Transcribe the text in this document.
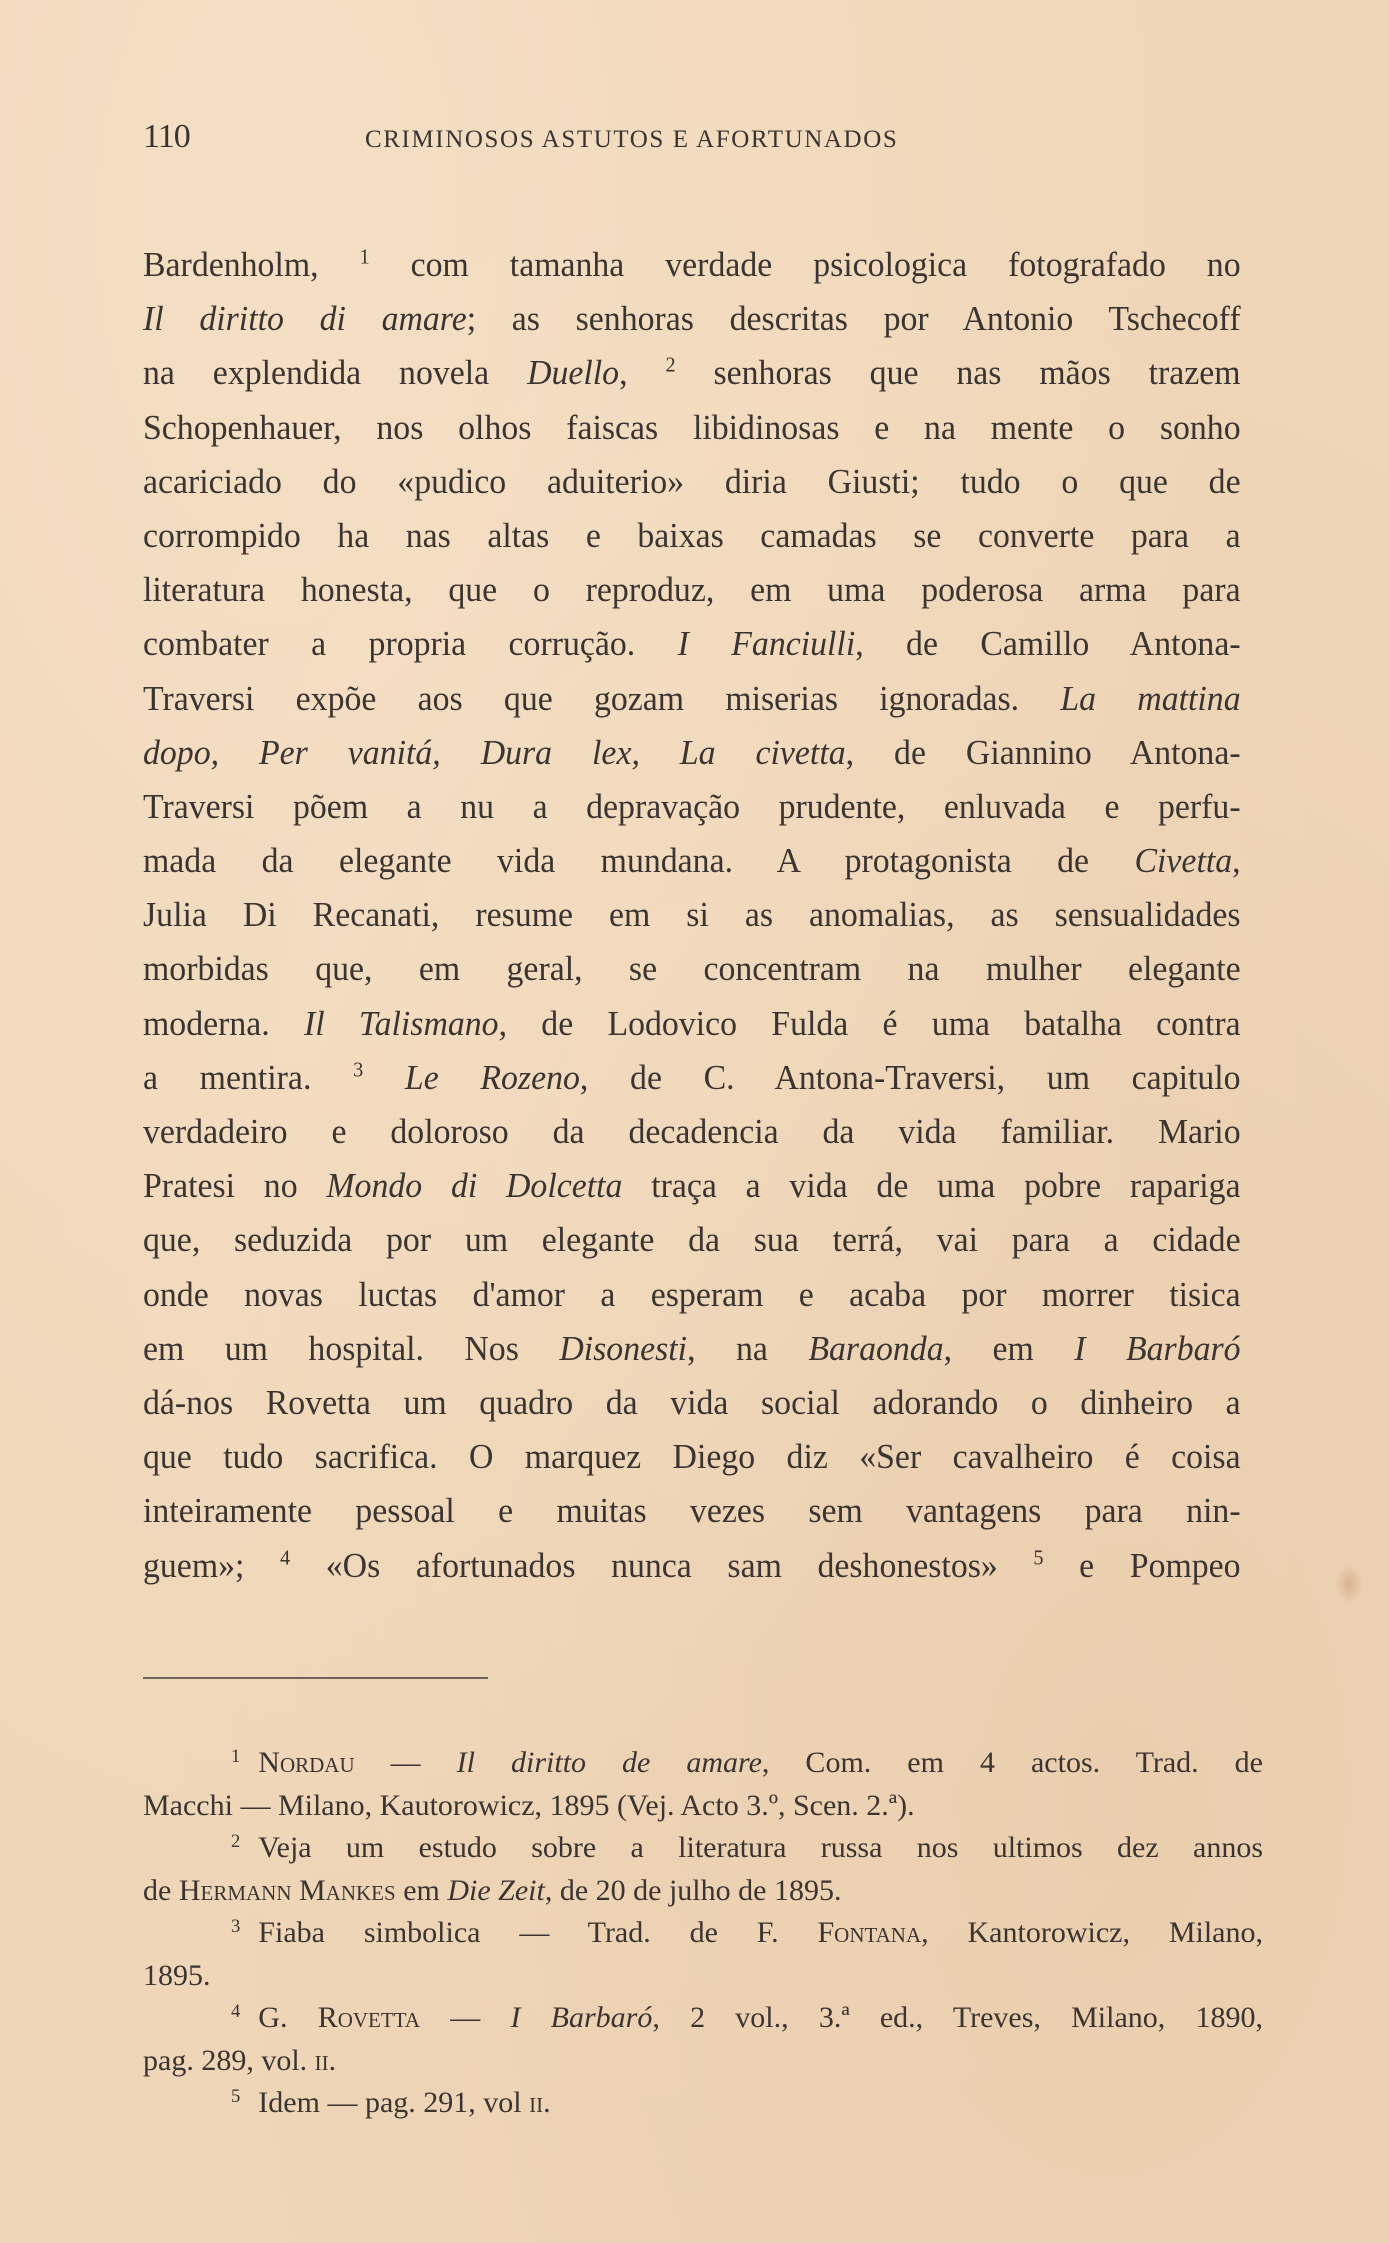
110	CRIMINOSOS ASTUTOS E AFORTUNADOS
Bardenholm, $^1$ com tamanha verdade psicologica fotografado no
Il diritto di amare; as senhoras descritas por Antonio Tschecoff
na explendida novela Duello, $^2$ senhoras que nas mãos trazem
Schopenhauer, nos olhos faiscas libidinosas e na mente o sonho
acariciado do «pudico aduiterio» diria Giusti; tudo o que de
corrompido ha nas altas e baixas camadas se converte para a
literatura honesta, que o reproduz, em uma poderosa arma para
combater a propria corrução. I Fanciulli, de Camillo Antona-
Traversi expõe aos que gozam miserias ignoradas. La mattina
dopo, Per vanitá, Dura lex, La civetta, de Giannino Antona-
Traversi põem a nu a depravação prudente, enluvada e perfu-
mada da elegante vida mundana. A protagonista de Civetta,
Julia Di Recanati, resume em si as anomalias, as sensualidades
morbidas que, em geral, se concentram na mulher elegante
moderna. Il Talismano, de Lodovico Fulda é uma batalha contra
a mentira. $^3$ Le Rozeno, de C. Antona-Traversi, um capitulo
verdadeiro e doloroso da decadencia da vida familiar. Mario
Pratesi no Mondo di Dolcetta traça a vida de uma pobre rapariga
que, seduzida por um elegante da sua terrá, vai para a cidade
onde novas luctas d'amor a esperam e acaba por morrer tisica
em um hospital. Nos Disonesti, na Baraonda, em I Barbaró
dá-nos Rovetta um quadro da vida social adorando o dinheiro a
que tudo sacrifica. O marquez Diego diz «Ser cavalheiro é coisa
inteiramente pessoal e muitas vezes sem vantagens para nin-
guem»; $^4$ «Os afortunados nunca sam deshonestos» $^5$ e Pompeo
$^1$ Nordau — Il diritto de amare, Com. em 4 actos. Trad. de
Macchi — Milano, Kautorowicz, 1895 (Vej. Acto 3.º, Scen. 2.ª).
$^2$ Veja um estudo sobre a literatura russa nos ultimos dez annos
de Hermann Mankes em Die Zeit, de 20 de julho de 1895.
$^3$ Fiaba simbolica — Trad. de F. Fontana, Kantorowicz, Milano,
1895.
$^4$ G. Rovetta — I Barbaró, 2 vol., 3.ª ed., Treves, Milano, 1890,
pag. 289, vol. ii.
$^5$ Idem — pag. 291, vol ii.
